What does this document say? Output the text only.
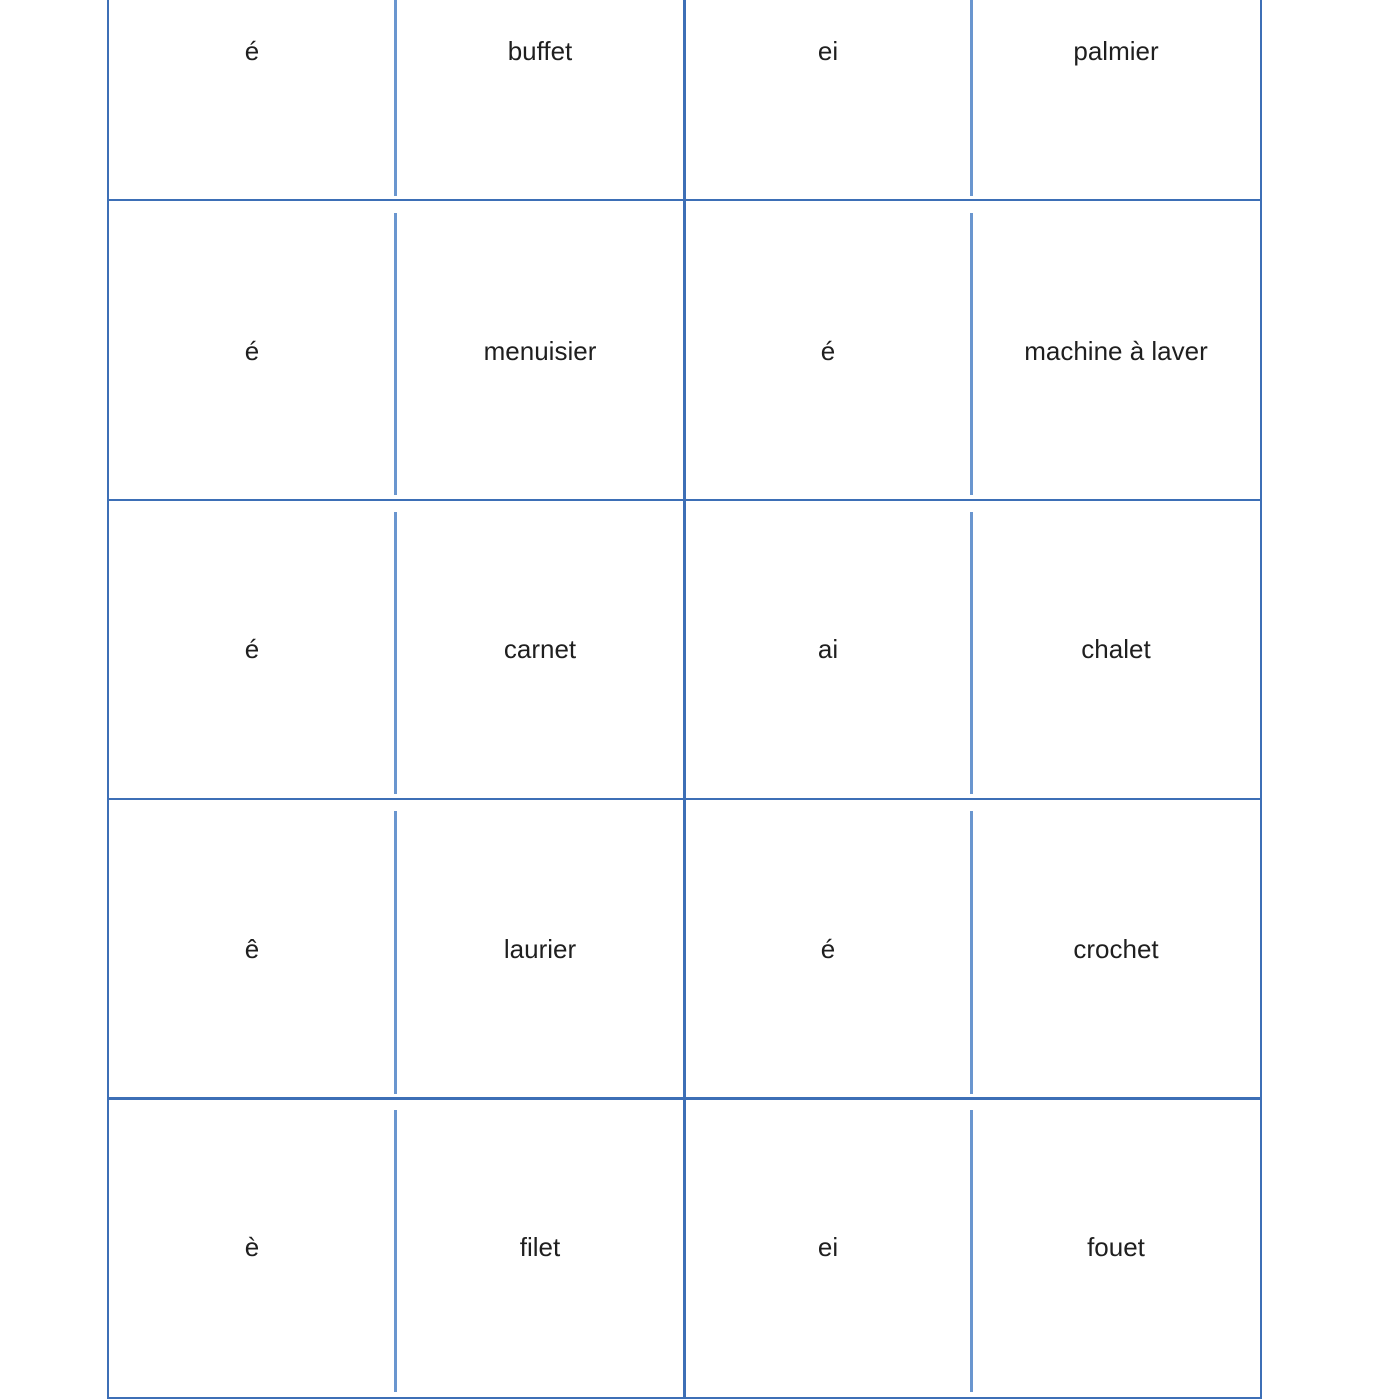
é	buffet	ei	palmier
é	menuisier	é	machine à laver
é	carnet	ai	chalet
ê	laurier	é	crochet
è	filet	ei	fouet
